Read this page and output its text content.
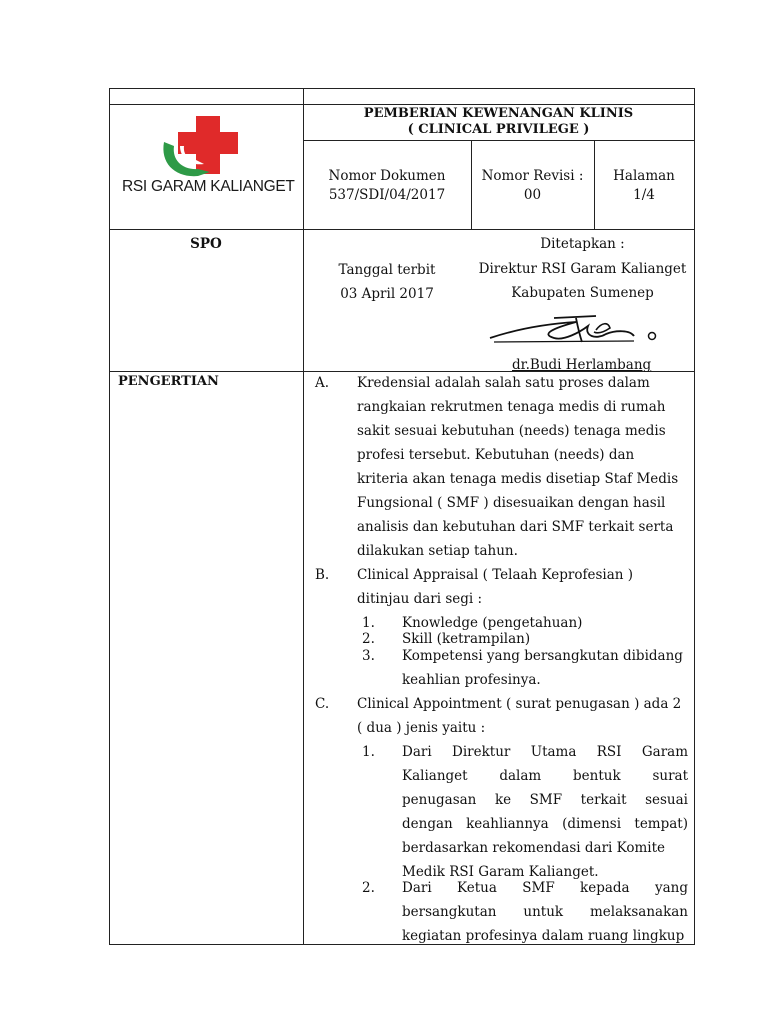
RSI GARAM KALIANGET
PEMBERIAN KEWENANGAN KLINIS
( CLINICAL PRIVILEGE )
Nomor Dokumen
537/SDI/04/2017
Nomor Revisi :
00
Halaman
1/4
SPO
Tanggal terbit
03 April 2017
Ditetapkan :
Direktur RSI Garam Kalianget
Kabupaten Sumenep
dr.Budi Herlambang
PENGERTIAN	A. Kredensial adalah salah satu proses dalam
rangkaian rekrutmen tenaga medis di rumah
sakit sesuai kebutuhan (needs) tenaga medis
profesi tersebut. Kebutuhan (needs) dan
kriteria akan tenaga medis disetiap Staf Medis
Fungsional ( SMF ) disesuaikan dengan hasil
analisis dan kebutuhan dari SMF terkait serta
dilakukan setiap tahun.
B. Clinical Appraisal ( Telaah Keprofesian )
ditinjau dari segi :
1. Knowledge (pengetahuan)
2. Skill (ketrampilan)
3. Kompetensi yang bersangkutan dibidang
keahlian profesinya.
C. Clinical Appointment ( surat penugasan ) ada 2
( dua ) jenis yaitu :
1. Dari Direktur Utama RSI Garam
Kalianget dalam bentuk surat
penugasan ke SMF terkait sesuai
dengan keahliannya (dimensi tempat)
berdasarkan rekomendasi dari Komite
Medik RSI Garam Kalianget.
2. Dari Ketua SMF kepada yang
bersangkutan untuk melaksanakan
kegiatan profesinya dalam ruang lingkup
